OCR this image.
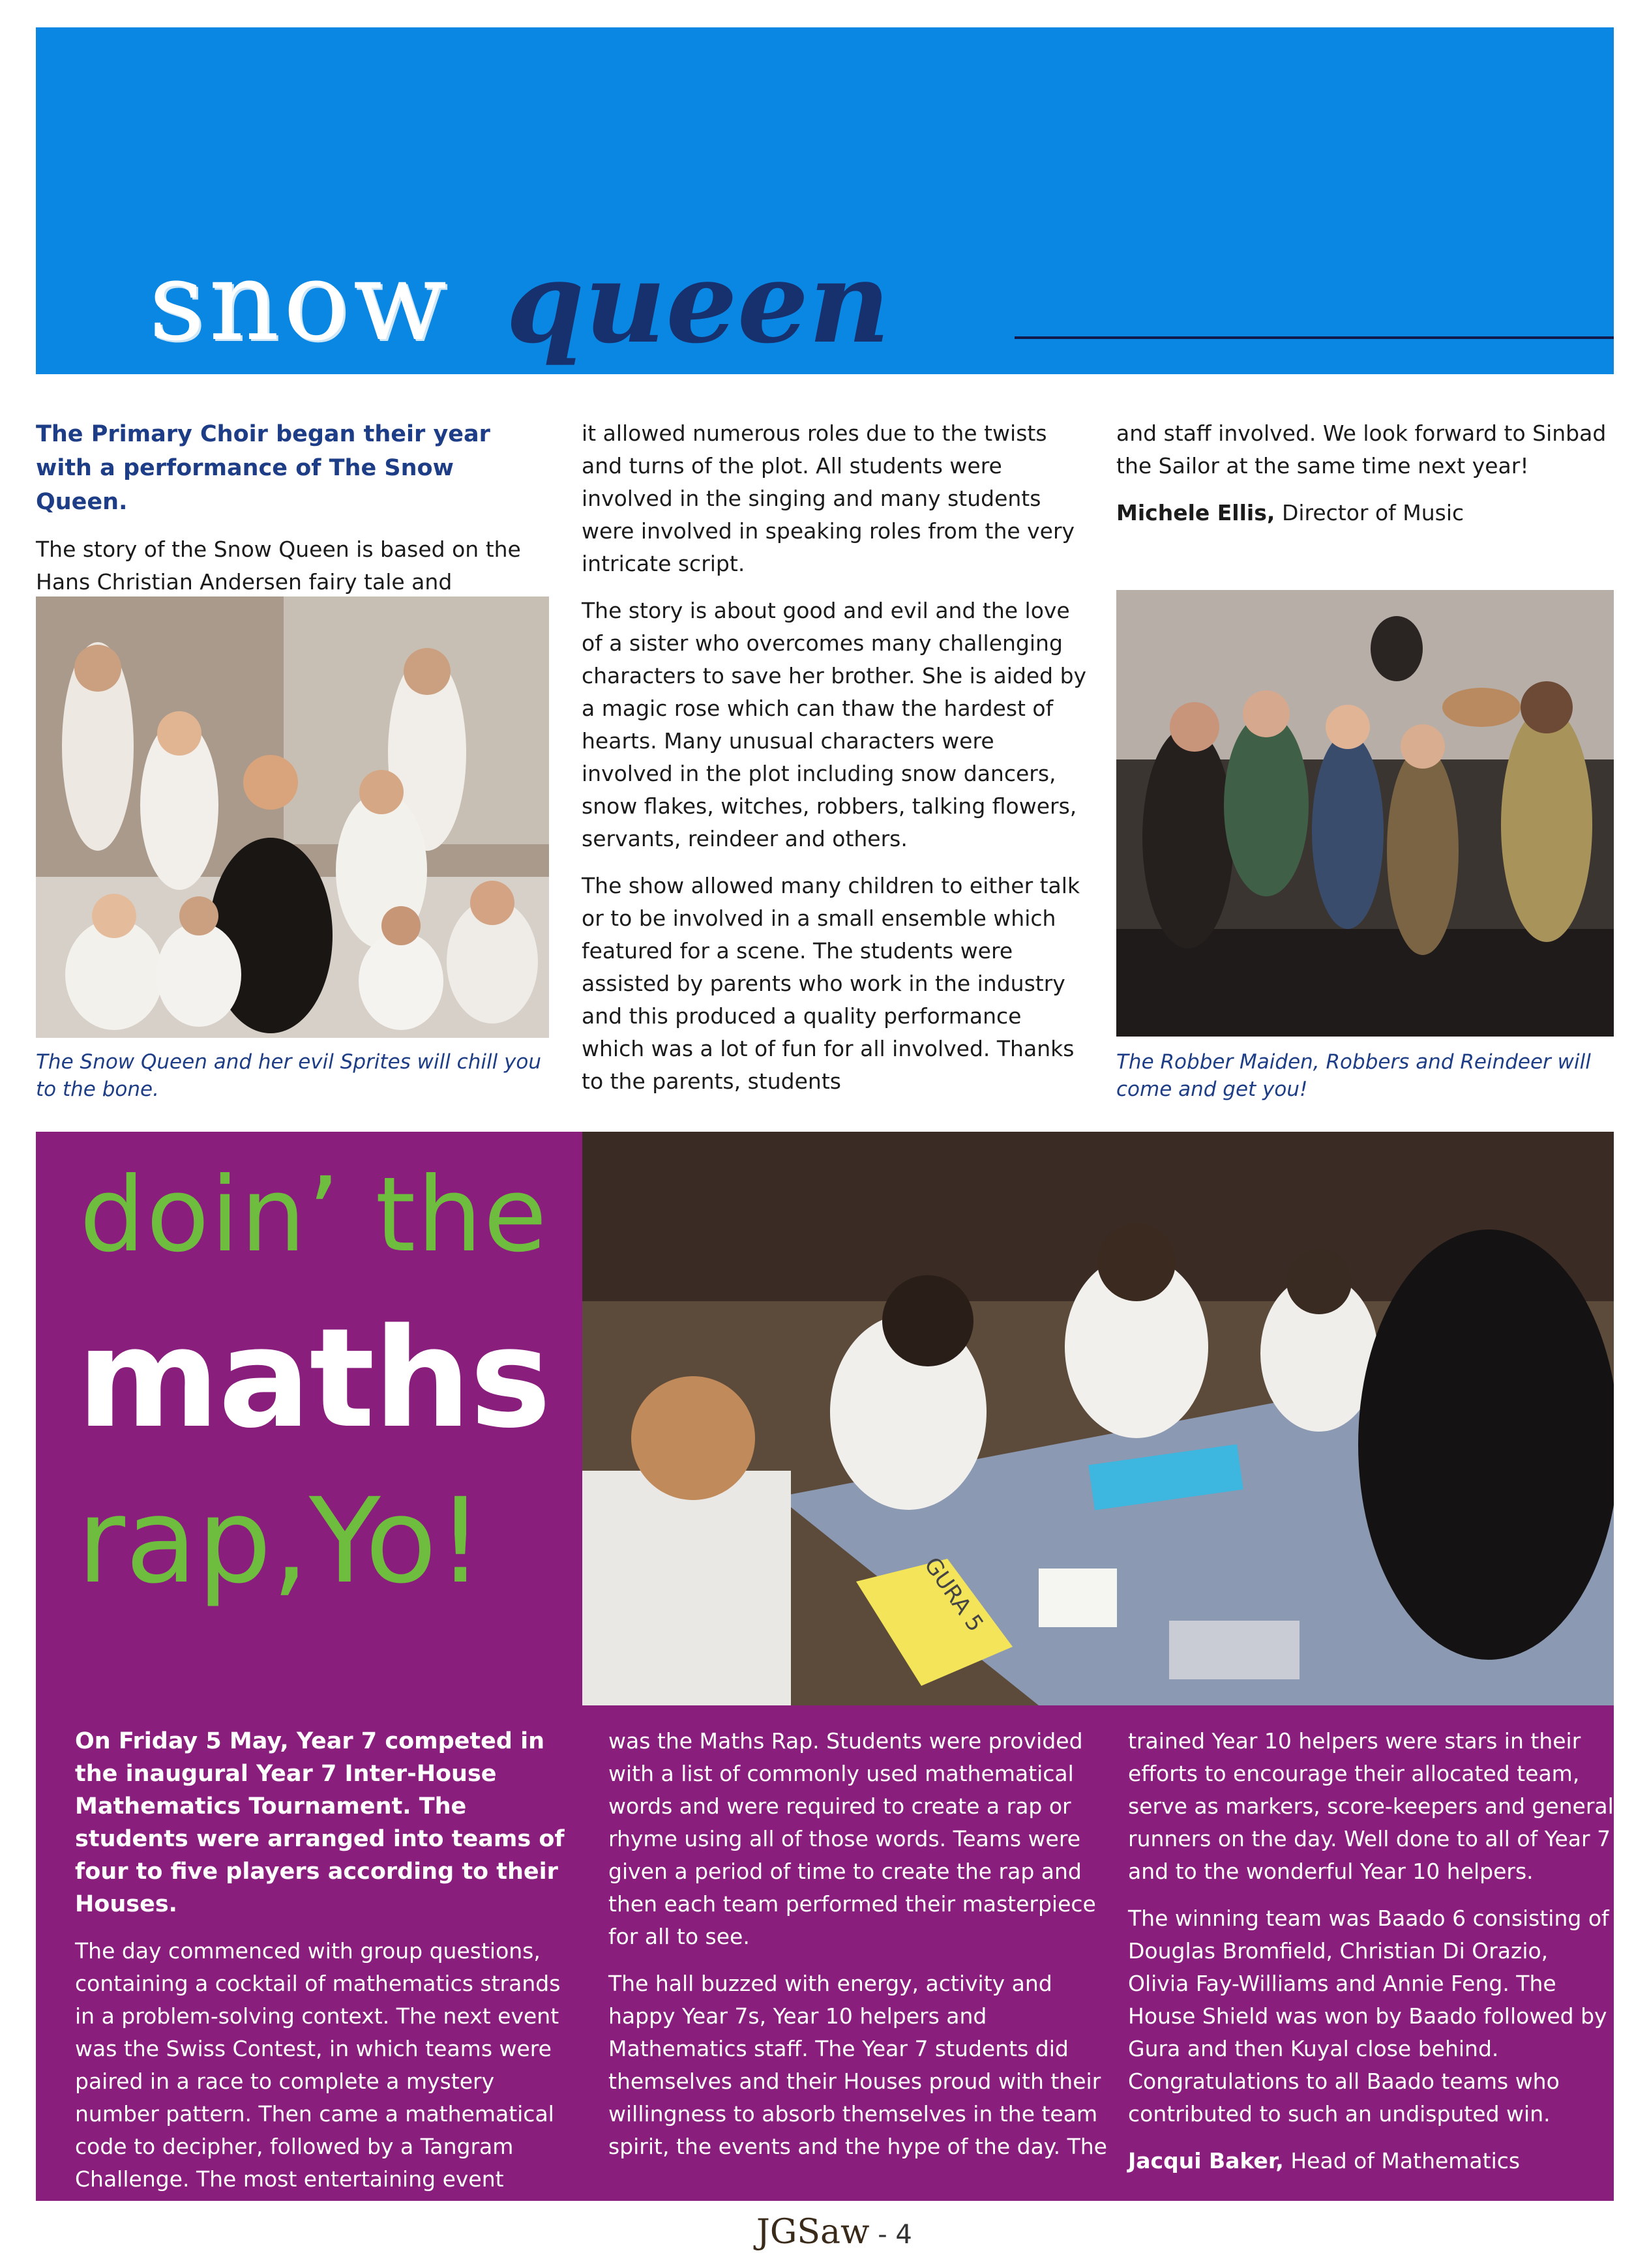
snow queen
The Primary Choir began their year with a performance of The Snow Queen.

The story of the Snow Queen is based on the Hans Christian Andersen fairy tale and

The Snow Queen and her evil Sprites will chill you to the bone.

it allowed numerous roles due to the twists and turns of the plot. All students were involved in the singing and many students were involved in speaking roles from the very intricate script.

The story is about good and evil and the love of a sister who overcomes many challenging characters to save her brother. She is aided by a magic rose which can thaw the hardest of hearts. Many unusual characters were involved in the plot including snow dancers, snow flakes, witches, robbers, talking flowers, servants, reindeer and others.

The show allowed many children to either talk or to be involved in a small ensemble which featured for a scene. The students were assisted by parents who work in the industry and this produced a quality performance which was a lot of fun for all involved. Thanks to the parents, students

and staff involved. We look forward to Sinbad the Sailor at the same time next year!

Michele Ellis, Director of Music

The Robber Maiden, Robbers and Reindeer will come and get you!
doin’ the
maths
rap,Yo!	GURA 5

On Friday 5 May, Year 7 competed in the inaugural Year 7 Inter-House Mathematics Tournament. The students were arranged into teams of four to five players according to their Houses.

The day commenced with group questions, containing a cocktail of mathematics strands in a problem-solving context. The next event was the Swiss Contest, in which teams were paired in a race to complete a mystery number pattern. Then came a mathematical code to decipher, followed by a Tangram Challenge. The most entertaining event

was the Maths Rap. Students were provided with a list of commonly used mathematical words and were required to create a rap or rhyme using all of those words. Teams were given a period of time to create the rap and then each team performed their masterpiece for all to see.

The hall buzzed with energy, activity and happy Year 7s, Year 10 helpers and Mathematics staff. The Year 7 students did themselves and their Houses proud with their willingness to absorb themselves in the team spirit, the events and the hype of the day. The

trained Year 10 helpers were stars in their efforts to encourage their allocated team, serve as markers, score-keepers and general runners on the day. Well done to all of Year 7 and to the wonderful Year 10 helpers.

The winning team was Baado 6 consisting of Douglas Bromfield, Christian Di Orazio, Olivia Fay-Williams and Annie Feng. The House Shield was won by Baado followed by Gura and then Kuyal close behind. Congratulations to all Baado teams who contributed to such an undisputed win.

Jacqui Baker, Head of Mathematics

JGSaw - 4
